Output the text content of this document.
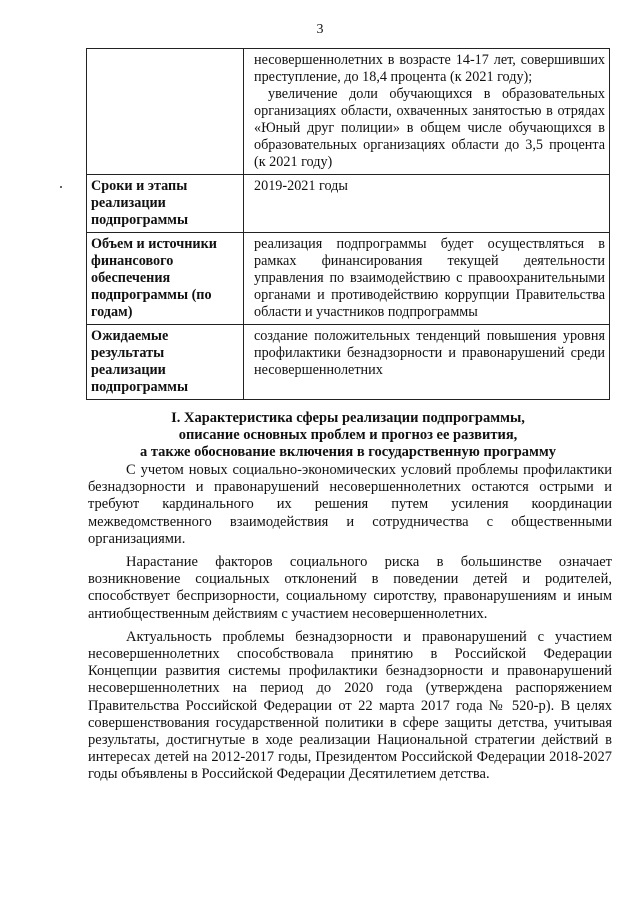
3

	несовершеннолетних в возрасте 14-17 лет, совершивших преступление, до 18,4 процента (к 2021 году);
увеличение доли обучающихся в образовательных организациях области, охваченных занятостью в отрядах «Юный друг полиции» в общем числе обучающихся в образовательных организациях области до 3,5 процента (к 2021 году)

Сроки и этапы реализации подпрограммы	2019-2021 годы

Объем и источники финансового обеспечения подпрограммы (по годам)	реализация подпрограммы будет осуществляться в рамках финансирования текущей деятельности управления по взаимодействию с правоохранительными органами и противодействию коррупции Правительства области и участников подпрограммы

Ожидаемые результаты реализации подпрограммы	создание положительных тенденций повышения уровня профилактики безнадзорности и правонарушений среди несовершеннолетних
I. Характеристика сферы реализации подпрограммы,
описание основных проблем и прогноз ее развития,
а также обоснование включения в государственную программу

С учетом новых социально-экономических условий проблемы профилактики безнадзорности и правонарушений несовершеннолетних остаются острыми и требуют кардинального их решения путем усиления координации межведомственного взаимодействия и сотрудничества с общественными организациями.

Нарастание факторов социального риска в большинстве означает возникновение социальных отклонений в поведении детей и родителей, способствует беспризорности, социальному сиротству, правонарушениям и иным антиобщественным действиям с участием несовершеннолетних.

Актуальность проблемы безнадзорности и правонарушений с участием несовершеннолетних способствовала принятию в Российской Федерации Концепции развития системы профилактики безнадзорности и правонарушений несовершеннолетних на период до 2020 года (утверждена распоряжением Правительства Российской Федерации от 22 марта 2017 года № 520-р). В целях совершенствования государственной политики в сфере защиты детства, учитывая результаты, достигнутые в ходе реализации Национальной стратегии действий в интересах детей на 2012-2017 годы, Президентом Российской Федерации 2018-2027 годы объявлены в Российской Федерации Десятилетием детства.
